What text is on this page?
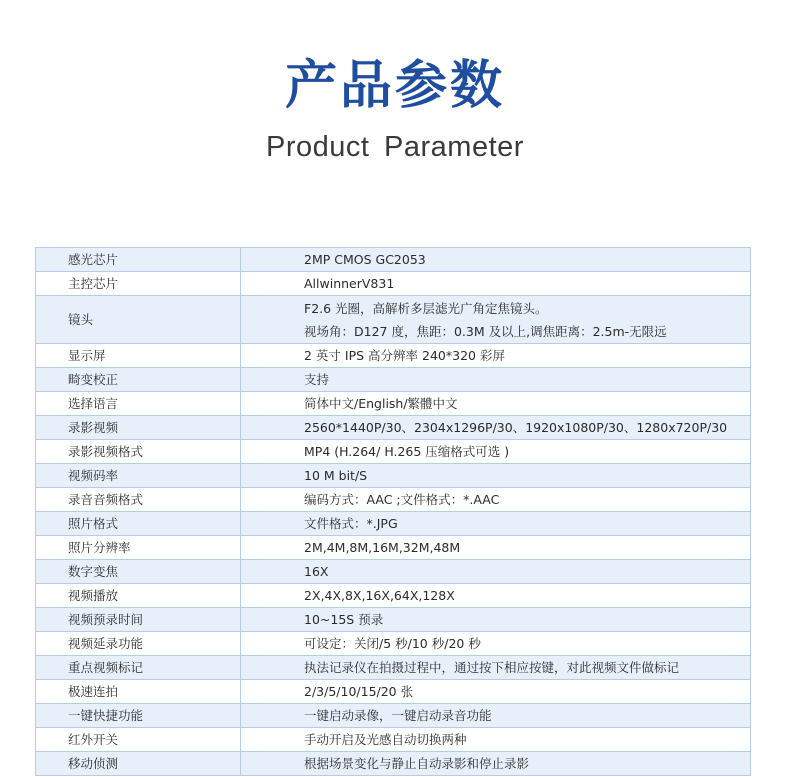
产品参数
Product Parameter
感光芯片	2MP CMOS GC2053
主控芯片	AllwinnerV831
镜头	F2.6 光圈，高解析多层滤光广角定焦镜头。
视场角：D127 度，焦距：0.3M 及以上,调焦距离：2.5m-无限远

显示屏	2 英寸 IPS 高分辨率 240*320 彩屏
畸变校正	支持
选择语言	简体中文/English/繁體中文
录影视频	2560*1440P/30、2304x1296P/30、1920x1080P/30、1280x720P/30
录影视频格式	MP4 (H.264/ H.265 压缩格式可选 )
视频码率	10 M bit/S
录音音频格式	编码方式：AAC ;文件格式：*.AAC
照片格式	文件格式：*.JPG
照片分辨率	2M,4M,8M,16M,32M,48M
数字变焦	16X
视频播放	2X,4X,8X,16X,64X,128X
视频预录时间	10~15S 预录
视频延录功能	可设定：关闭/5 秒/10 秒/20 秒
重点视频标记	执法记录仪在拍摄过程中，通过按下相应按键，对此视频文件做标记
极速连拍	2/3/5/10/15/20 张
一键快捷功能	一键启动录像，一键启动录音功能
红外开关	手动开启及光感自动切换两种
移动侦测	根据场景变化与静止自动录影和停止录影
